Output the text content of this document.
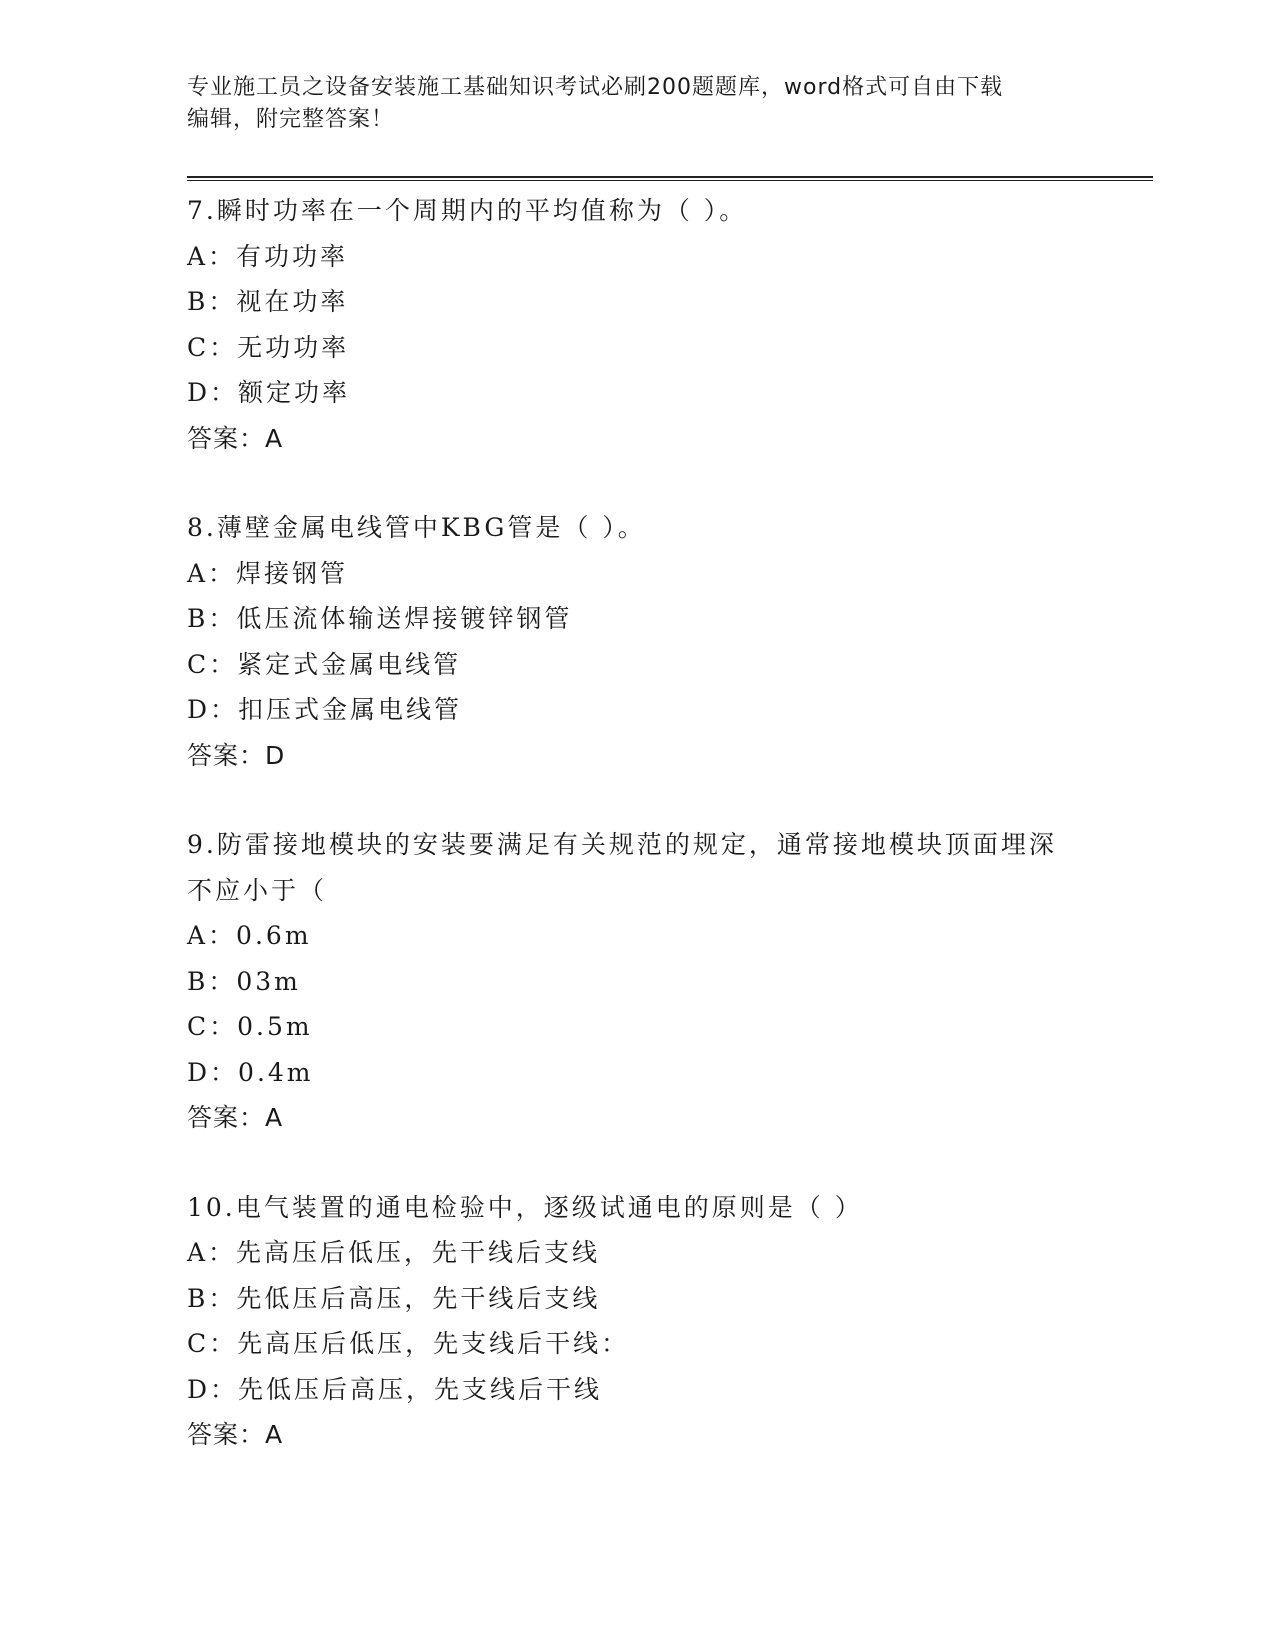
专业施工员之设备安装施工基础知识考试必刷200题题库，word格式可自由下载
编辑，附完整答案！
7.瞬时功率在一个周期内的平均值称为（ ）。
A：有功功率
B：视在功率
C：无功功率
D：额定功率
答案：A
8.薄壁金属电线管中KBG管是（ ）。
A：焊接钢管
B：低压流体输送焊接镀锌钢管
C：紧定式金属电线管
D：扣压式金属电线管
答案：D
9.防雷接地模块的安装要满足有关规范的规定，通常接地模块顶面埋深不应小于（
A：0.6m
B：03m
C：0.5m
D：0.4m
答案：A
10.电气装置的通电检验中，逐级试通电的原则是（ ）
A：先高压后低压，先干线后支线
B：先低压后高压，先干线后支线
C：先高压后低压，先支线后干线：
D：先低压后高压，先支线后干线
答案：A
